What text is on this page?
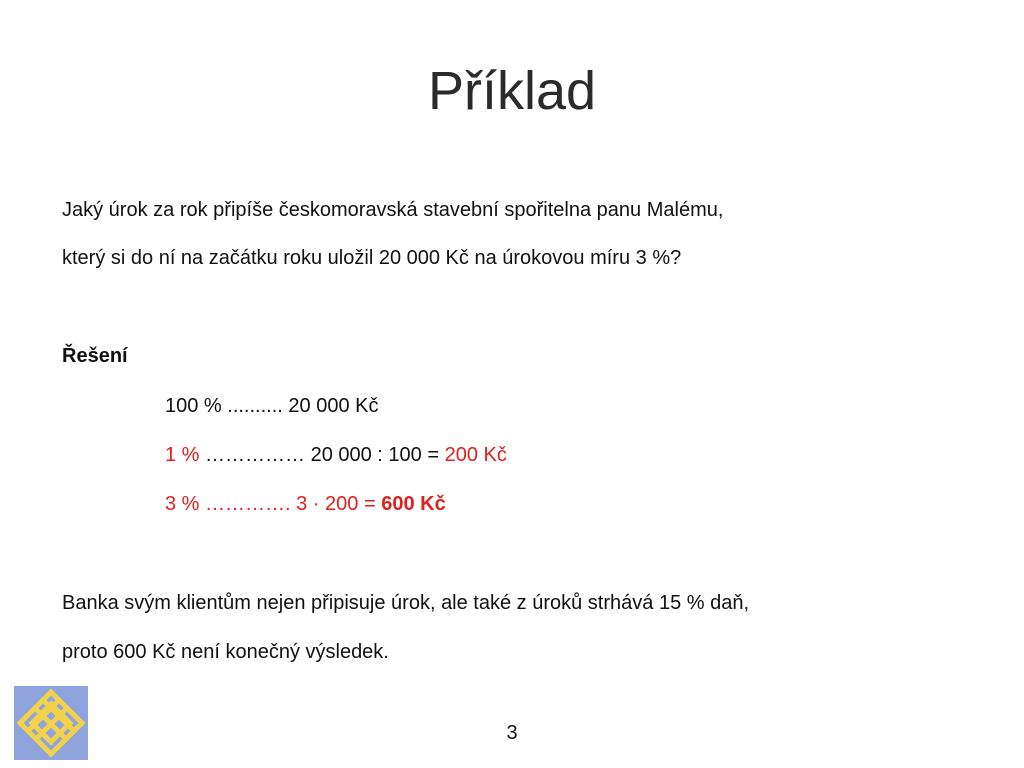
Příklad
Jaký úrok za rok připíše českomoravská stavební spořitelna panu Malému,
který si do ní na začátku roku uložil 20 000 Kč na úrokovou míru 3 %?
Řešení
100 % .......... 20 000 Kč
1 % …………… 20 000 : 100 = 200 Kč
3 % …………. 3 · 200 = 600 Kč
Banka svým klientům nejen připisuje úrok, ale také z úroků strhává 15 % daň,
proto 600 Kč není konečný výsledek.
3
